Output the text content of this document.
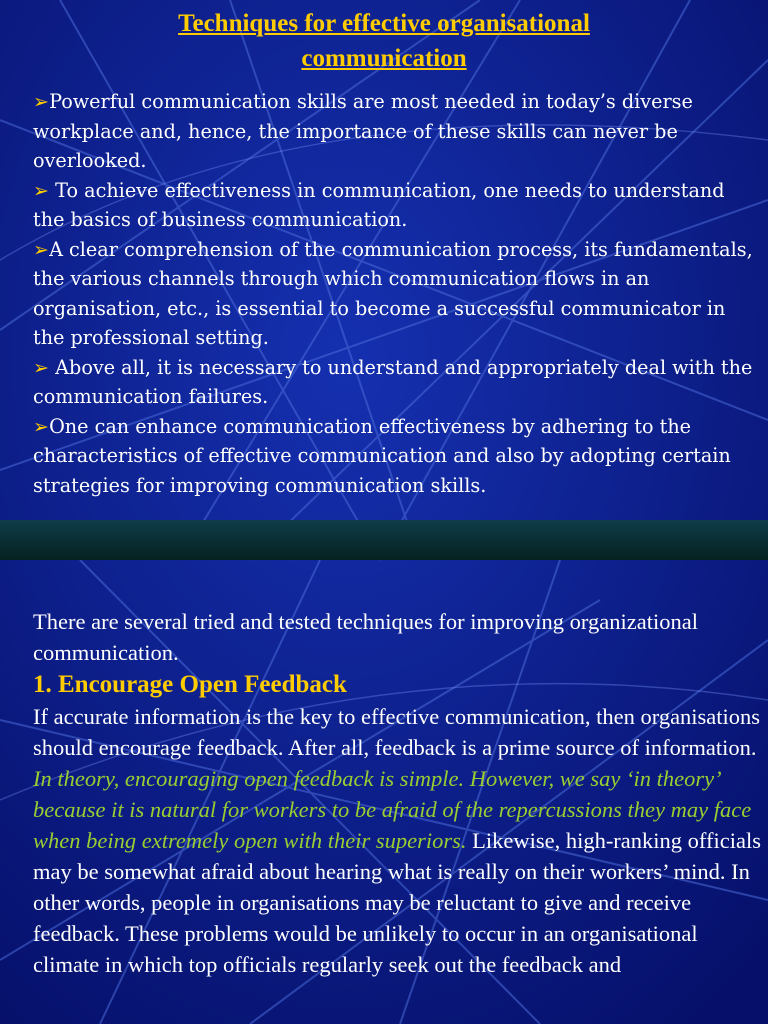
Techniques for effective organisational
communication
➢Powerful communication skills are most needed in today’s diverse workplace and, hence, the importance of these skills can never be overlooked.
➢ To achieve effectiveness in communication, one needs to understand the basics of business communication.
➢A clear comprehension of the communication process, its fundamentals, the various channels through which communication flows in an organisation, etc., is essential to become a successful communicator in the professional setting.
➢ Above all, it is necessary to understand and appropriately deal with the communication failures.
➢One can enhance communication effectiveness by adhering to the characteristics of effective communication and also by adopting certain strategies for improving communication skills.

There are several tried and tested techniques for improving organizational communication.

1. Encourage Open Feedback

If accurate information is the key to effective communication, then organisations should encourage feedback. After all, feedback is a prime source of information.

In theory, encouraging open feedback is simple. However, we say ‘in theory’ because it is natural for workers to be afraid of the repercussions they may face when being extremely open with their superiors. Likewise, high-ranking officials may be somewhat afraid about hearing what is really on their workers’ mind. In other words, people in organisations may be reluctant to give and receive feedback. These problems would be unlikely to occur in an organisational climate in which top officials regularly seek out the feedback and
